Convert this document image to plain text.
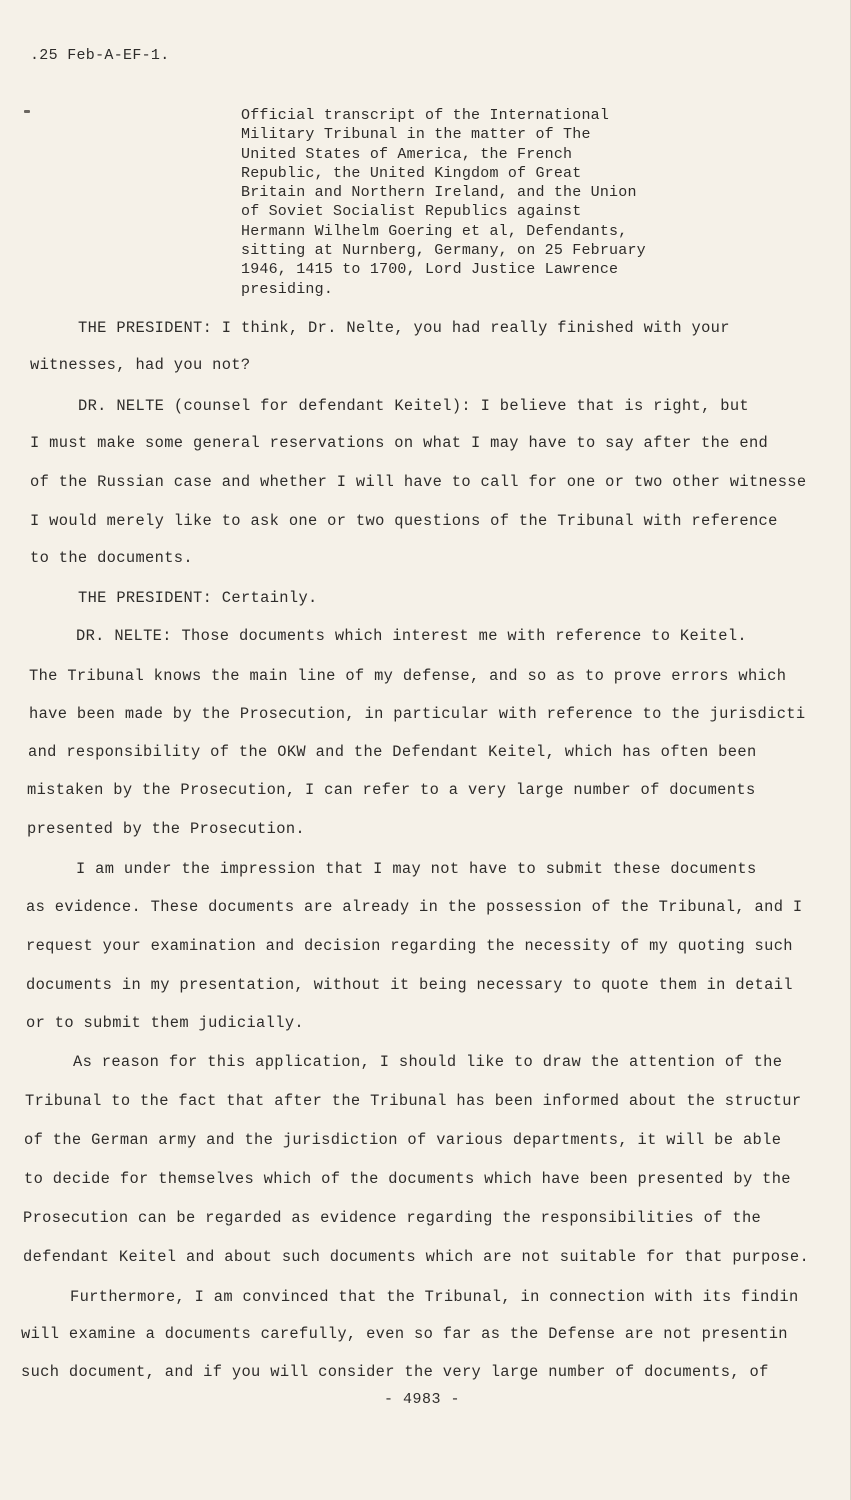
.25 Feb-A-EF-1.
Official transcript of the International
Military Tribunal in the matter of The
United States of America, the French
Republic, the United Kingdom of Great
Britain and Northern Ireland, and the Union
of Soviet Socialist Republics against
Hermann Wilhelm Goering et al, Defendants,
sitting at Nurnberg, Germany, on 25 February
1946, 1415 to 1700, Lord Justice Lawrence
presiding.
THE PRESIDENT: I think, Dr. Nelte, you had really finished with your
witnesses, had you not?
DR. NELTE (counsel for defendant Keitel): I believe that is right, but
I must make some general reservations on what I may have to say after the end
of the Russian case and whether I will have to call for one or two other witnesse
I would merely like to ask one or two questions of the Tribunal with reference
to the documents.
THE PRESIDENT: Certainly.
DR. NELTE: Those documents which interest me with reference to Keitel.
The Tribunal knows the main line of my defense, and so as to prove errors which
have been made by the Prosecution, in particular with reference to the jurisdicti
and responsibility of the OKW and the Defendant Keitel, which has often been
mistaken by the Prosecution, I can refer to a very large number of documents
presented by the Prosecution.
I am under the impression that I may not have to submit these documents
as evidence. These documents are already in the possession of the Tribunal, and I
request your examination and decision regarding the necessity of my quoting such
documents in my presentation, without it being necessary to quote them in detail
or to submit them judicially.
As reason for this application, I should like to draw the attention of the
Tribunal to the fact that after the Tribunal has been informed about the structur
of the German army and the jurisdiction of various departments, it will be able
to decide for themselves which of the documents which have been presented by the
Prosecution can be regarded as evidence regarding the responsibilities of the
defendant Keitel and about such documents which are not suitable for that purpose.
Furthermore, I am convinced that the Tribunal, in connection with its findin
will examine a documents carefully, even so far as the Defense are not presentin
such document, and if you will consider the very large number of documents, of
- 4983 -
